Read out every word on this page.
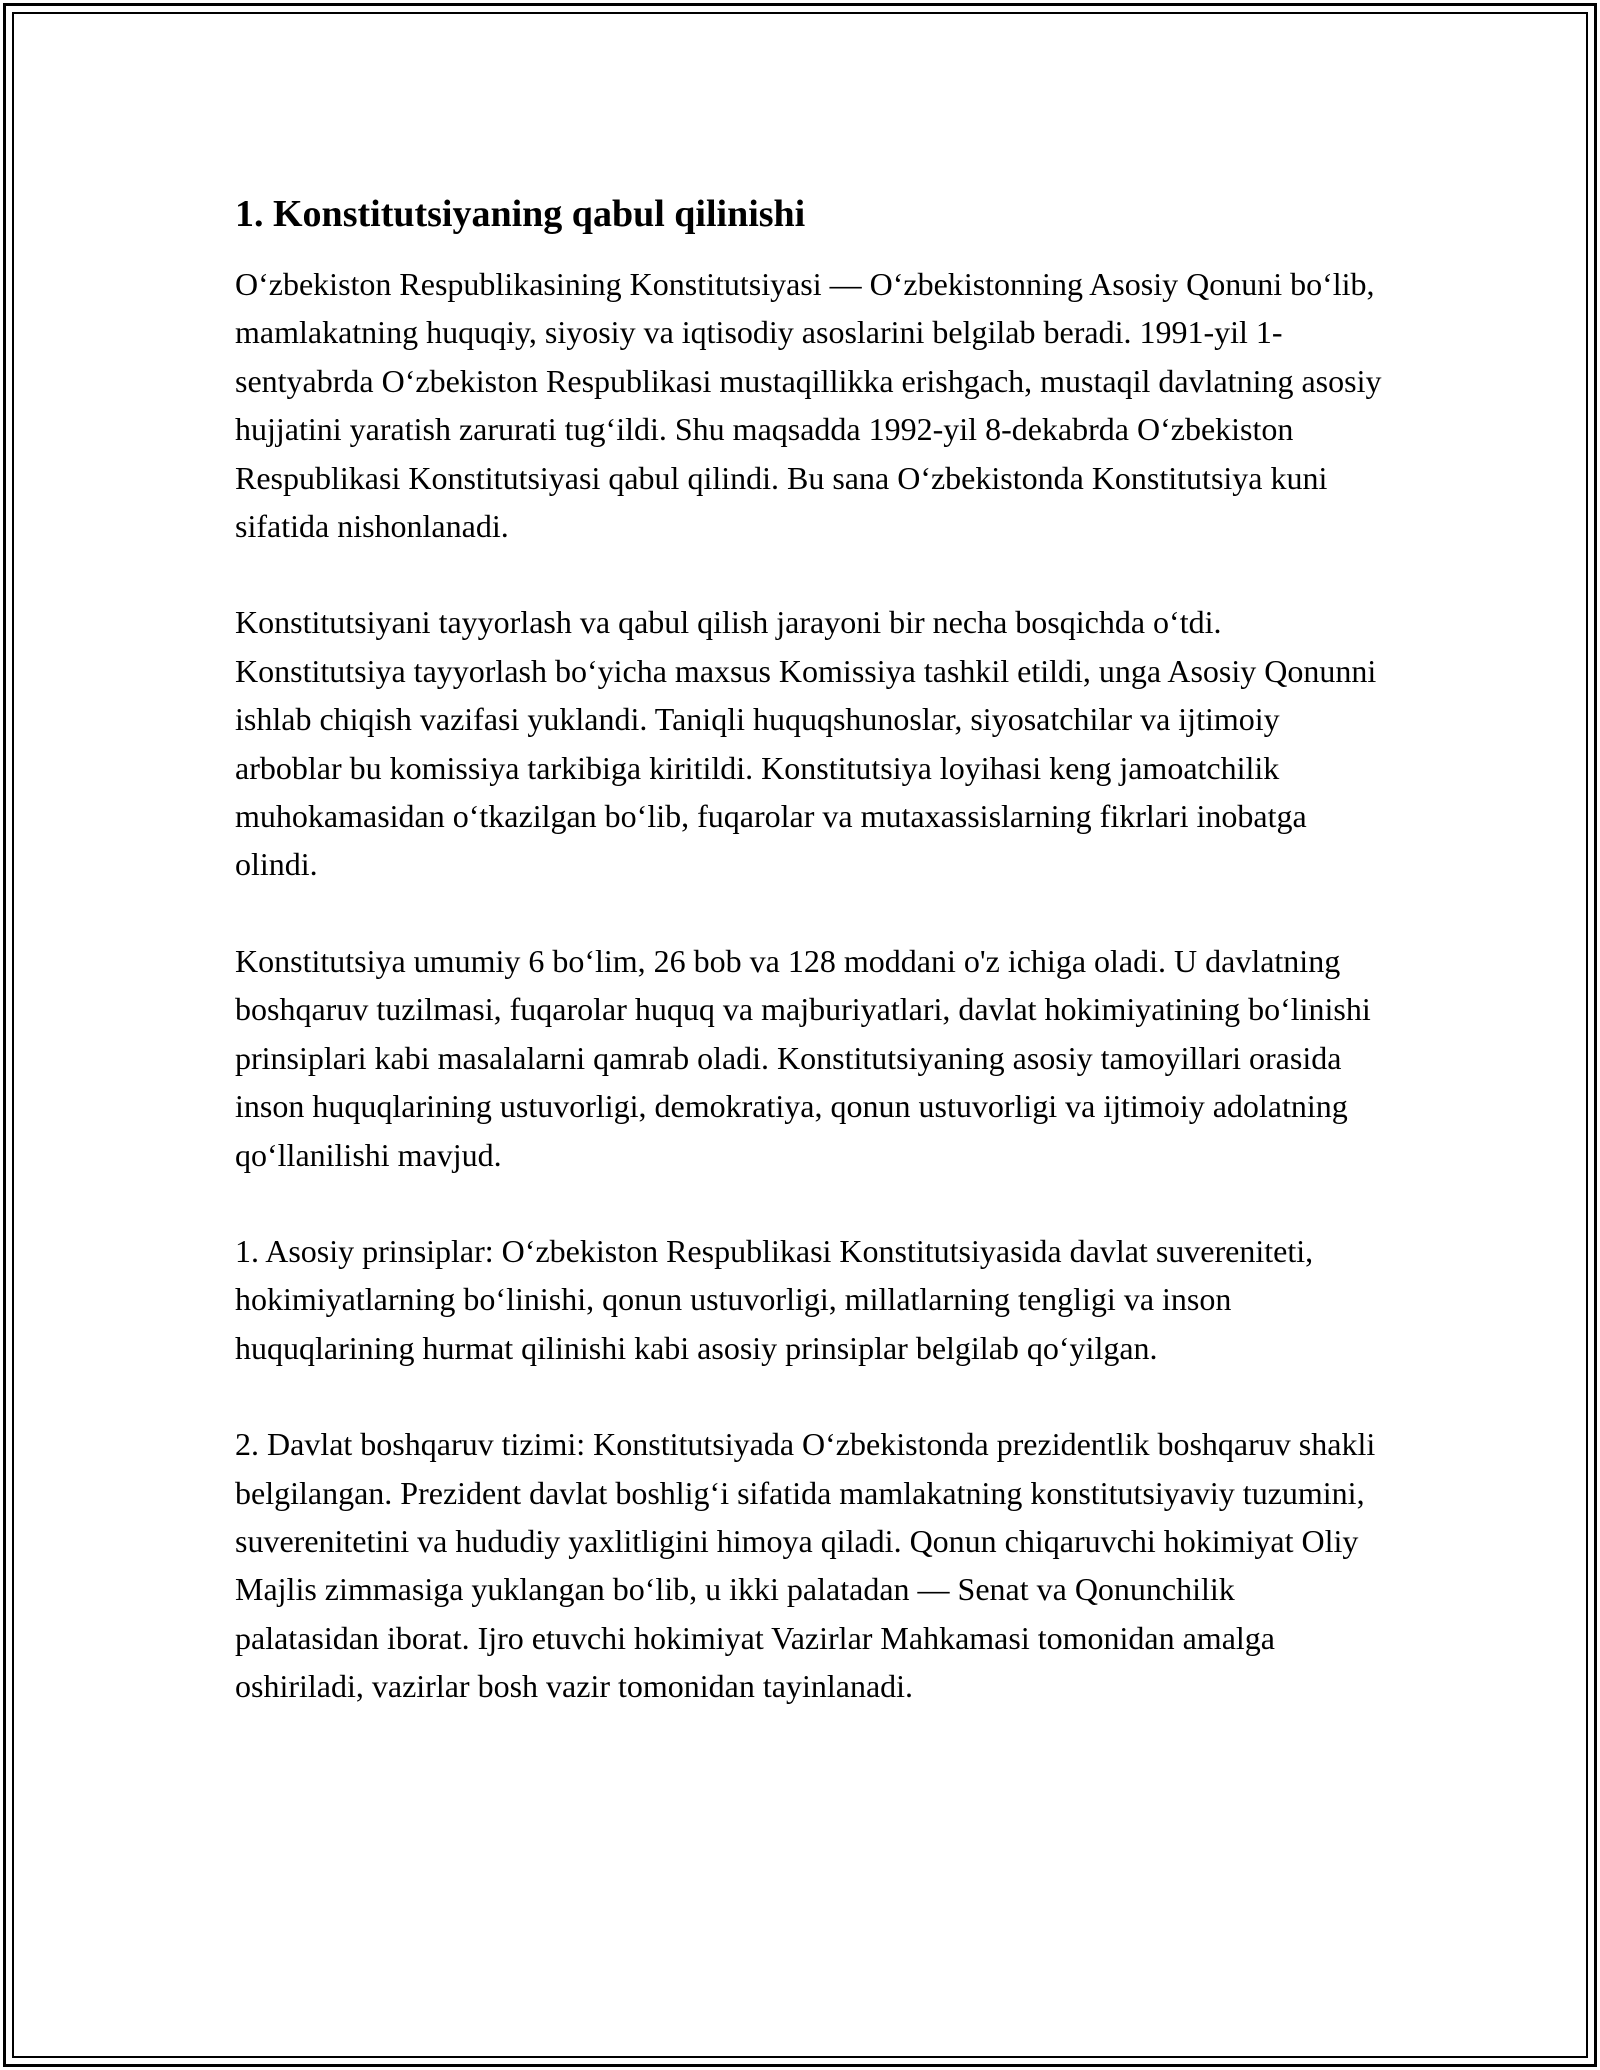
1. Konstitutsiyaning qabul qilinishi

O‘zbekiston Respublikasining Konstitutsiyasi — O‘zbekistonning Asosiy Qonuni bo‘lib, mamlakatning huquqiy, siyosiy va iqtisodiy asoslarini belgilab beradi. 1991-yil 1-sentyabrda O‘zbekiston Respublikasi mustaqillikka erishgach, mustaqil davlatning asosiy hujjatini yaratish zarurati tug‘ildi. Shu maqsadda 1992-yil 8-dekabrda O‘zbekiston Respublikasi Konstitutsiyasi qabul qilindi. Bu sana O‘zbekistonda Konstitutsiya kuni sifatida nishonlanadi.

Konstitutsiyani tayyorlash va qabul qilish jarayoni bir necha bosqichda o‘tdi. Konstitutsiya tayyorlash bo‘yicha maxsus Komissiya tashkil etildi, unga Asosiy Qonunni ishlab chiqish vazifasi yuklandi. Taniqli huquqshunoslar, siyosatchilar va ijtimoiy arboblar bu komissiya tarkibiga kiritildi. Konstitutsiya loyihasi keng jamoatchilik muhokamasidan o‘tkazilgan bo‘lib, fuqarolar va mutaxassislarning fikrlari inobatga olindi.

Konstitutsiya umumiy 6 bo‘lim, 26 bob va 128 moddani o'z ichiga oladi. U davlatning boshqaruv tuzilmasi, fuqarolar huquq va majburiyatlari, davlat hokimiyatining bo‘linishi prinsiplari kabi masalalarni qamrab oladi. Konstitutsiyaning asosiy tamoyillari orasida inson huquqlarining ustuvorligi, demokratiya, qonun ustuvorligi va ijtimoiy adolatning qo‘llanilishi mavjud.

1. Asosiy prinsiplar: O‘zbekiston Respublikasi Konstitutsiyasida davlat suvereniteti, hokimiyatlarning bo‘linishi, qonun ustuvorligi, millatlarning tengligi va inson huquqlarining hurmat qilinishi kabi asosiy prinsiplar belgilab qo‘yilgan.

2. Davlat boshqaruv tizimi: Konstitutsiyada O‘zbekistonda prezidentlik boshqaruv shakli belgilangan. Prezident davlat boshlig‘i sifatida mamlakatning konstitutsiyaviy tuzumini, suverenitetini va hududiy yaxlitligini himoya qiladi. Qonun chiqaruvchi hokimiyat Oliy Majlis zimmasiga yuklangan bo‘lib, u ikki palatadan — Senat va Qonunchilik palatasidan iborat. Ijro etuvchi hokimiyat Vazirlar Mahkamasi tomonidan amalga oshiriladi, vazirlar bosh vazir tomonidan tayinlanadi.
